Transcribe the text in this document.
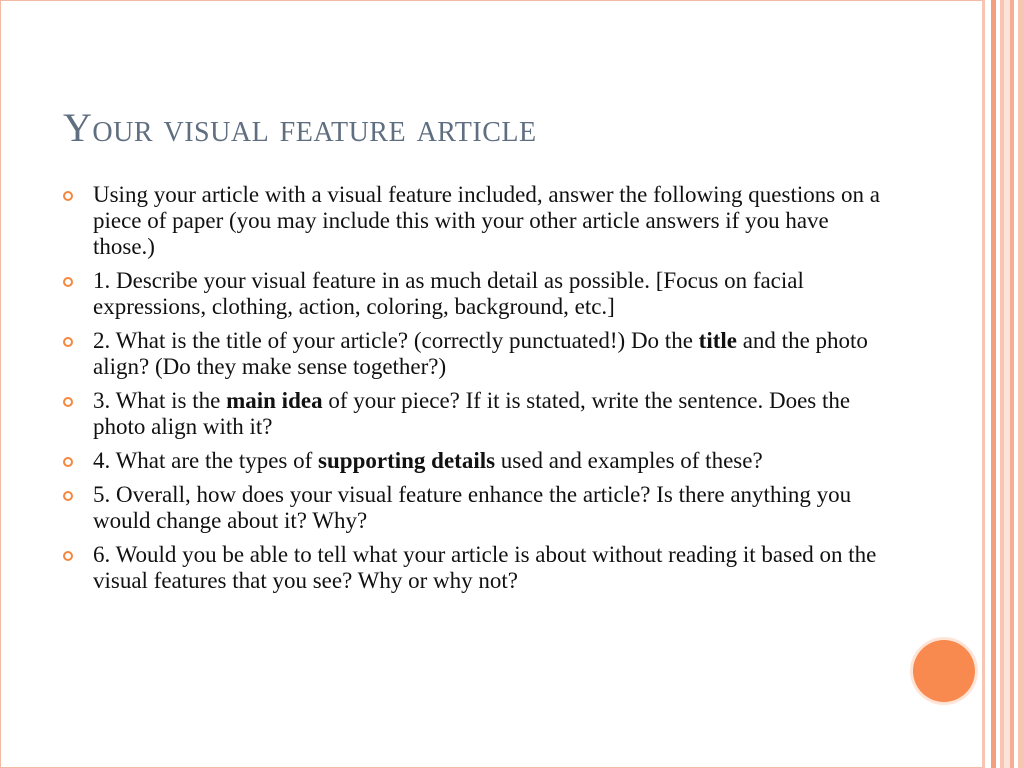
Your visual feature article
Using your article with a visual feature included, answer the following questions on a piece of paper (you may include this with your other article answers if you have those.)
1. Describe your visual feature in as much detail as possible. [Focus on facial expressions, clothing, action, coloring, background, etc.]
2. What is the title of your article? (correctly punctuated!) Do the title and the photo align? (Do they make sense together?)
3. What is the main idea of your piece? If it is stated, write the sentence. Does the photo align with it?
4. What are the types of supporting details used and examples of these?
5. Overall, how does your visual feature enhance the article? Is there anything you would change about it? Why?
6. Would you be able to tell what your article is about without reading it based on the visual features that you see? Why or why not?
